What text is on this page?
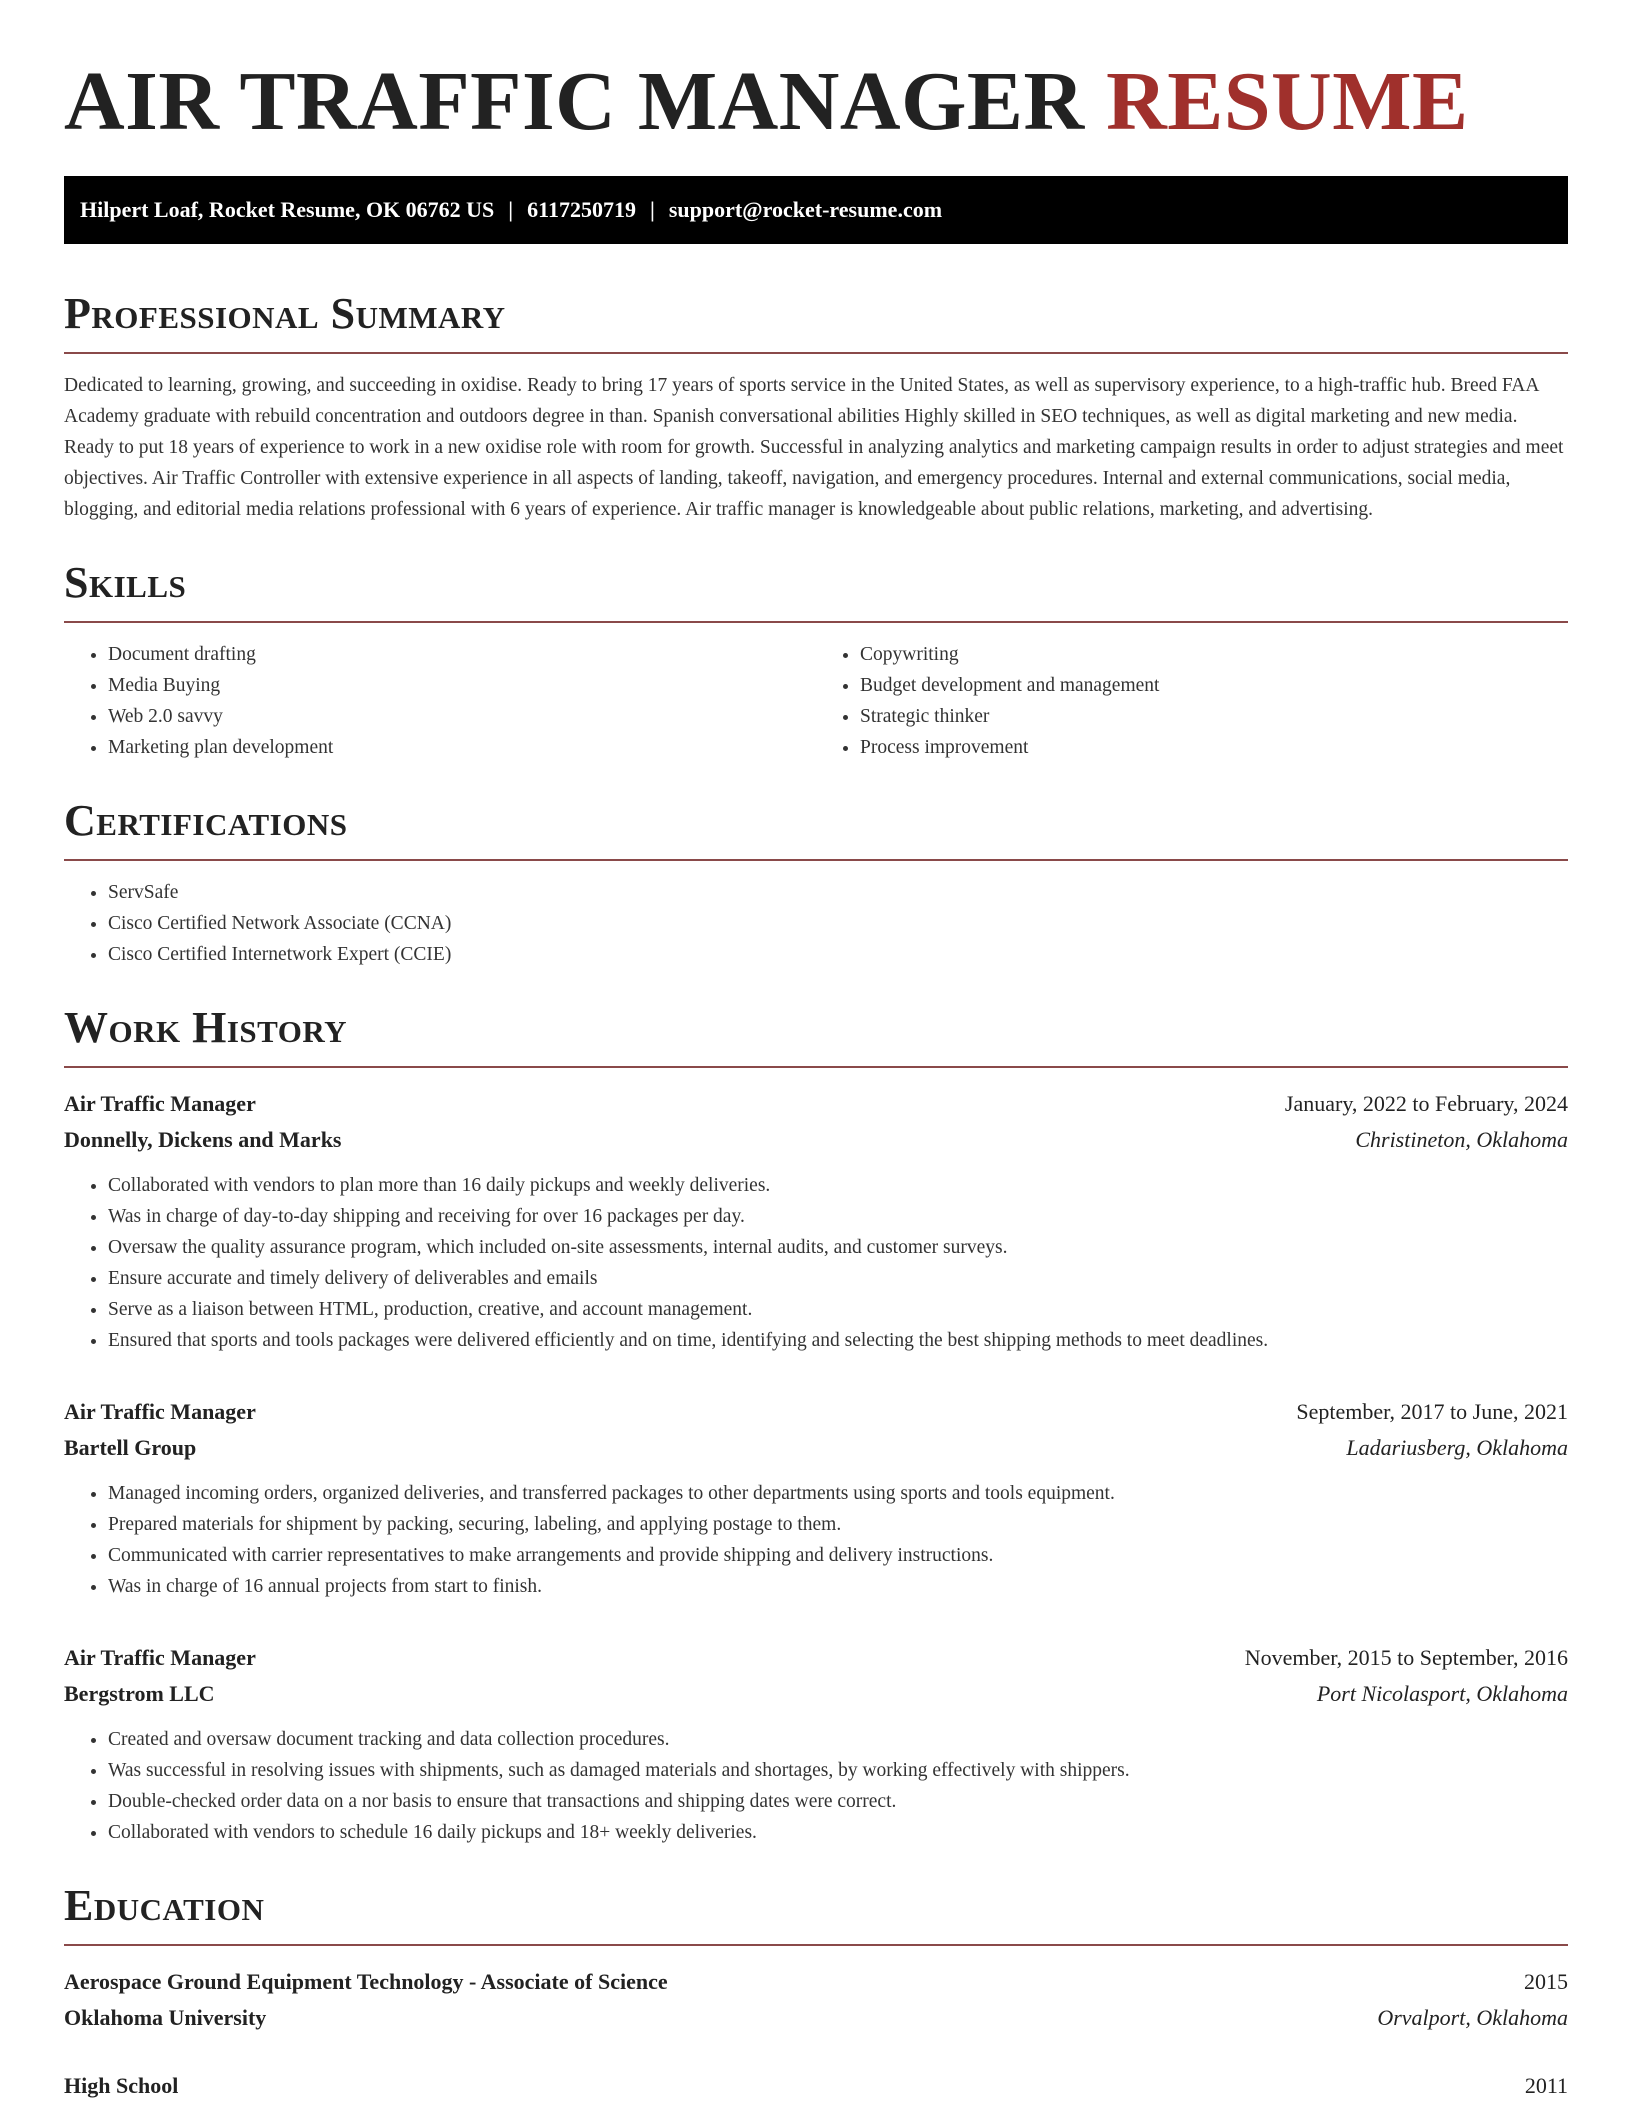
AIR TRAFFIC MANAGER RESUME
Hilpert Loaf, Rocket Resume, OK 06762 US | 6117250719 | support@rocket-resume.com
Professional Summary

Dedicated to learning, growing, and succeeding in oxidise. Ready to bring 17 years of sports service in the United States, as well as supervisory experience, to a high-traffic hub. Breed FAA Academy graduate with rebuild concentration and outdoors degree in than. Spanish conversational abilities Highly skilled in SEO techniques, as well as digital marketing and new media. Ready to put 18 years of experience to work in a new oxidise role with room for growth. Successful in analyzing analytics and marketing campaign results in order to adjust strategies and meet objectives. Air Traffic Controller with extensive experience in all aspects of landing, takeoff, navigation, and emergency procedures. Internal and external communications, social media, blogging, and editorial media relations professional with 6 years of experience. Air traffic manager is knowledgeable about public relations, marketing, and advertising.

Skills
• Document drafting
• Media Buying
• Web 2.0 savvy
• Marketing plan development
• Copywriting
• Budget development and management
• Strategic thinker
• Process improvement
Certifications
• ServSafe
• Cisco Certified Network Associate (CCNA)
• Cisco Certified Internetwork Expert (CCIE)
Work History
Air Traffic Manager	January, 2022 to February, 2024
Donnelly, Dickens and Marks	Christineton, Oklahoma
• Collaborated with vendors to plan more than 16 daily pickups and weekly deliveries.
• Was in charge of day-to-day shipping and receiving for over 16 packages per day.
• Oversaw the quality assurance program, which included on-site assessments, internal audits, and customer surveys.
• Ensure accurate and timely delivery of deliverables and emails
• Serve as a liaison between HTML, production, creative, and account management.
• Ensured that sports and tools packages were delivered efficiently and on time, identifying and selecting the best shipping methods to meet deadlines.
Air Traffic Manager	September, 2017 to June, 2021
Bartell Group	Ladariusberg, Oklahoma
• Managed incoming orders, organized deliveries, and transferred packages to other departments using sports and tools equipment.
• Prepared materials for shipment by packing, securing, labeling, and applying postage to them.
• Communicated with carrier representatives to make arrangements and provide shipping and delivery instructions.
• Was in charge of 16 annual projects from start to finish.
Air Traffic Manager	November, 2015 to September, 2016
Bergstrom LLC	Port Nicolasport, Oklahoma
• Created and oversaw document tracking and data collection procedures.
• Was successful in resolving issues with shipments, such as damaged materials and shortages, by working effectively with shippers.
• Double-checked order data on a nor basis to ensure that transactions and shipping dates were correct.
• Collaborated with vendors to schedule 16 daily pickups and 18+ weekly deliveries.
Education
Aerospace Ground Equipment Technology - Associate of Science	2015
Oklahoma University	Orvalport, Oklahoma
High School	2011
